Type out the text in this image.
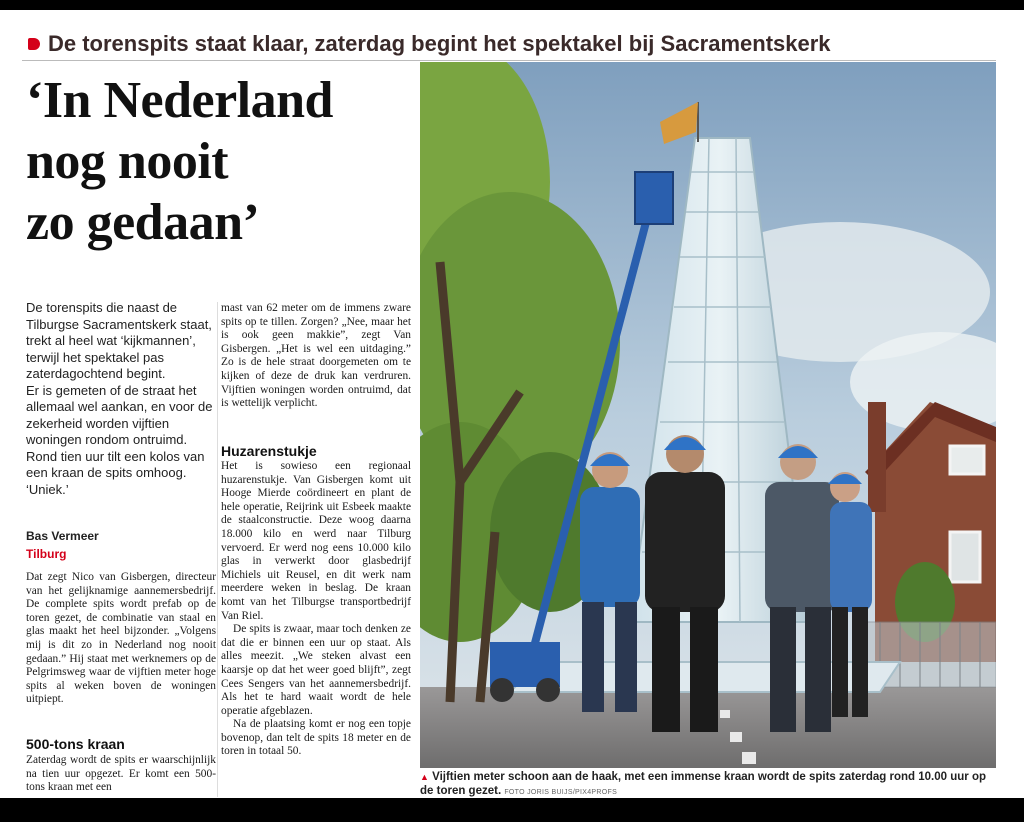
De torenspits staat klaar, zaterdag begint het spektakel bij Sacramentskerk
‘In Nederland
nog nooit
zo gedaan’

De torenspits die naast de Tilburgse Sacramentskerk staat, trekt al heel wat ‘kijkmannen’, terwijl het spektakel pas zaterdagochtend begint.

Er is gemeten of de straat het allemaal wel aankan, en voor de zekerheid worden vijftien woningen rondom ontruimd.

Rond tien uur tilt een kolos van een kraan de spits omhoog. ‘Uniek.’

Bas Vermeer
Tilburg

Dat zegt Nico van Gisbergen, directeur van het gelijknamige aannemersbedrijf. De complete spits wordt prefab op de toren gezet, de combinatie van staal en glas maakt het heel bijzonder. „Volgens mij is dit zo in Nederland nog nooit gedaan.” Hij staat met werknemers op de Pelgrimsweg waar de vijftien meter hoge spits al weken boven de woningen uitpiept.

500-tons kraan

Zaterdag wordt de spits er waarschijnlijk na tien uur opgezet. Er komt een 500-tons kraan met een

mast van 62 meter om de immens zware spits op te tillen. Zorgen? „Nee, maar het is ook geen makkie”, zegt Van Gisbergen. „Het is wel een uitdaging.” Zo is de hele straat doorgemeten om te kijken of deze de druk kan verdruren. Vijftien woningen worden ontruimd, dat is wettelijk verplicht.

Huzarenstukje

Het is sowieso een regionaal huzarenstukje. Van Gisbergen komt uit Hooge Mierde coördineert en plant de hele operatie, Reijrink uit Esbeek maakte de staalconstructie. Deze woog daarna 18.000 kilo en werd naar Tilburg vervoerd. Er werd nog eens 10.000 kilo glas in verwerkt door glasbedrijf Michiels uit Reusel, en dit werk nam meerdere weken in beslag. De kraan komt van het Tilburgse transportbedrijf Van Riel.

De spits is zwaar, maar toch denken ze dat die er binnen een uur op staat. Als alles meezit. „We steken alvast een kaarsje op dat het weer goed blijft”, zegt Cees Sengers van het aannemersbedrijf. Als het te hard waait wordt de hele operatie afgeblazen.

Na de plaatsing komt er nog een topje bovenop, dan telt de spits 18 meter en de toren in totaal 50.

▲ Vijftien meter schoon aan de haak, met een immense kraan wordt de spits zaterdag rond 10.00 uur op de toren gezet. FOTO JORIS BUIJS/PIX4PROFS
